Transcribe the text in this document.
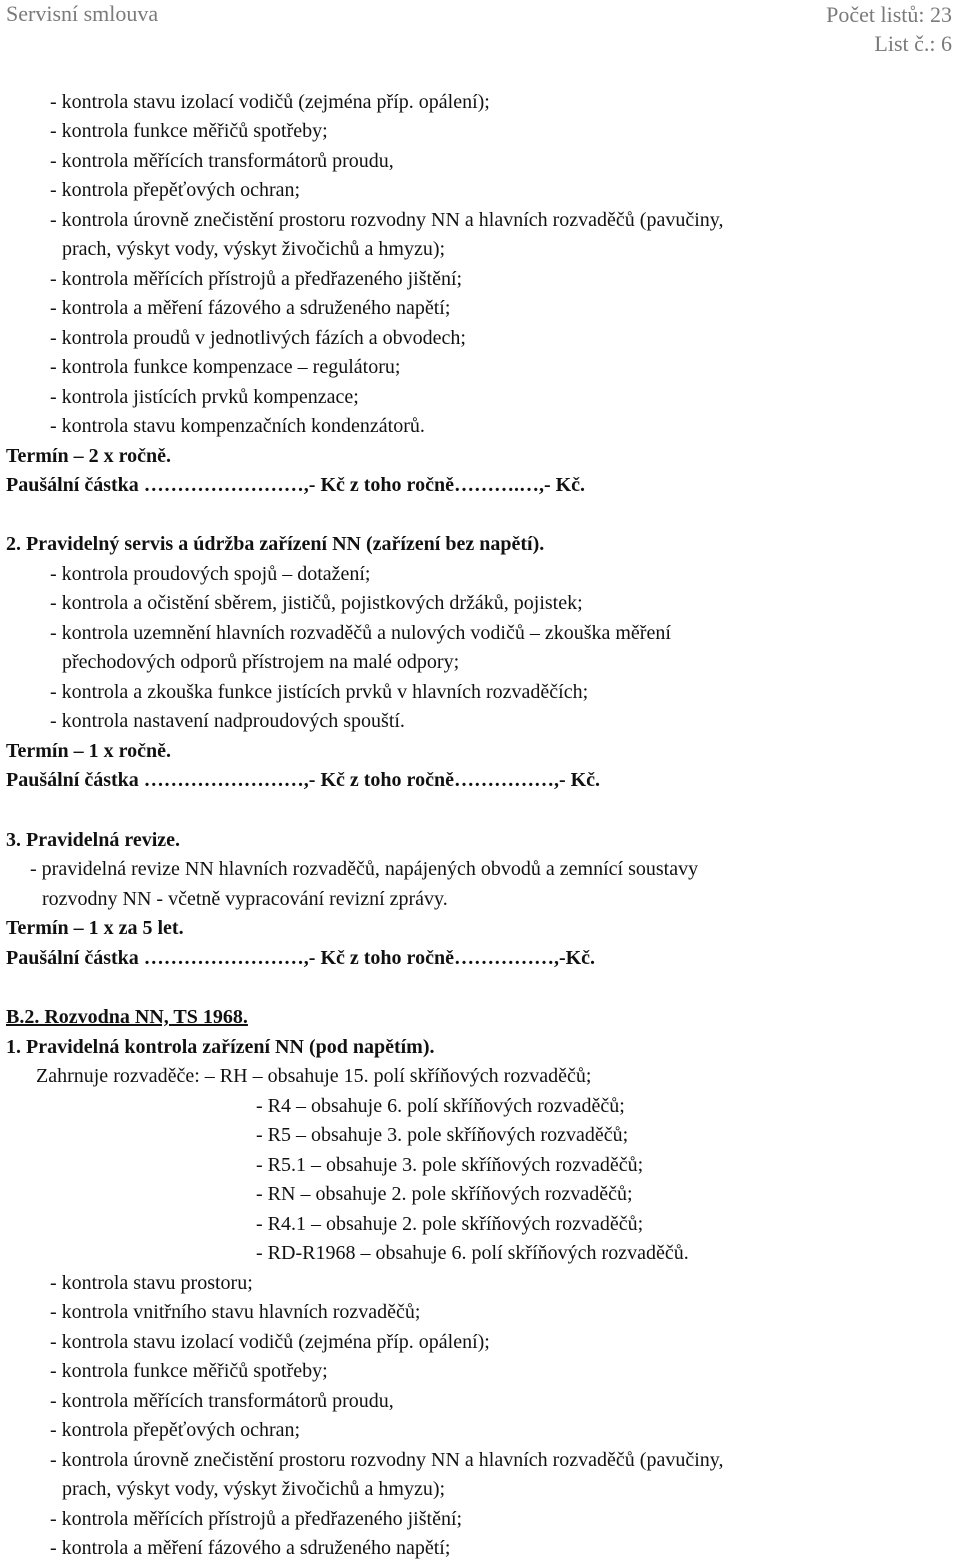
Servisní smlouva	Počet listů: 23
List č.: 6
- kontrola stavu izolací vodičů (zejména příp. opálení);
- kontrola funkce měřičů spotřeby;
- kontrola měřících transformátorů proudu,
- kontrola přepěťových ochran;
- kontrola úrovně znečistění prostoru rozvodny NN a hlavních rozvaděčů (pavučiny,
prach, výskyt vody, výskyt živočichů a hmyzu);
- kontrola měřících přístrojů a předřazeného jištění;
- kontrola a měření fázového a sdruženého napětí;
- kontrola proudů v jednotlivých fázích a obvodech;
- kontrola funkce kompenzace – regulátoru;
- kontrola jistících prvků kompenzace;
- kontrola stavu kompenzačních kondenzátorů.
Termín – 2 x ročně.
Paušální částka ……………………,- Kč z toho ročně……….…,- Kč.
2. Pravidelný servis a údržba zařízení NN (zařízení bez napětí).
- kontrola proudových spojů – dotažení;
- kontrola a očistění sběrem, jističů, pojistkových držáků, pojistek;
- kontrola uzemnění hlavních rozvaděčů a nulových vodičů – zkouška měření
přechodových odporů přístrojem na malé odpory;
- kontrola a zkouška funkce jistících prvků v hlavních rozvaděčích;
- kontrola nastavení nadproudových spouští.
Termín – 1 x ročně.
Paušální částka ……………………,- Kč z toho ročně……………,- Kč.
3. Pravidelná revize.
- pravidelná revize NN hlavních rozvaděčů, napájených obvodů a zemnící soustavy
rozvodny NN - včetně vypracování revizní zprávy.
Termín – 1 x za 5 let.
Paušální částka ……………………,- Kč z toho ročně……………,-Kč.
B.2. Rozvodna NN, TS 1968.
1. Pravidelná kontrola zařízení NN (pod napětím).
Zahrnuje rozvaděče: – RH – obsahuje 15. polí skříňových rozvaděčů;
- R4 – obsahuje 6. polí skříňových rozvaděčů;
- R5 – obsahuje 3. pole skříňových rozvaděčů;
- R5.1 – obsahuje 3. pole skříňových rozvaděčů;
- RN – obsahuje 2. pole skříňových rozvaděčů;
- R4.1 – obsahuje 2. pole skříňových rozvaděčů;
- RD-R1968 – obsahuje 6. polí skříňových rozvaděčů.
- kontrola stavu prostoru;
- kontrola vnitřního stavu hlavních rozvaděčů;
- kontrola stavu izolací vodičů (zejména příp. opálení);
- kontrola funkce měřičů spotřeby;
- kontrola měřících transformátorů proudu,
- kontrola přepěťových ochran;
- kontrola úrovně znečistění prostoru rozvodny NN a hlavních rozvaděčů (pavučiny,
prach, výskyt vody, výskyt živočichů a hmyzu);
- kontrola měřících přístrojů a předřazeného jištění;
- kontrola a měření fázového a sdruženého napětí;
